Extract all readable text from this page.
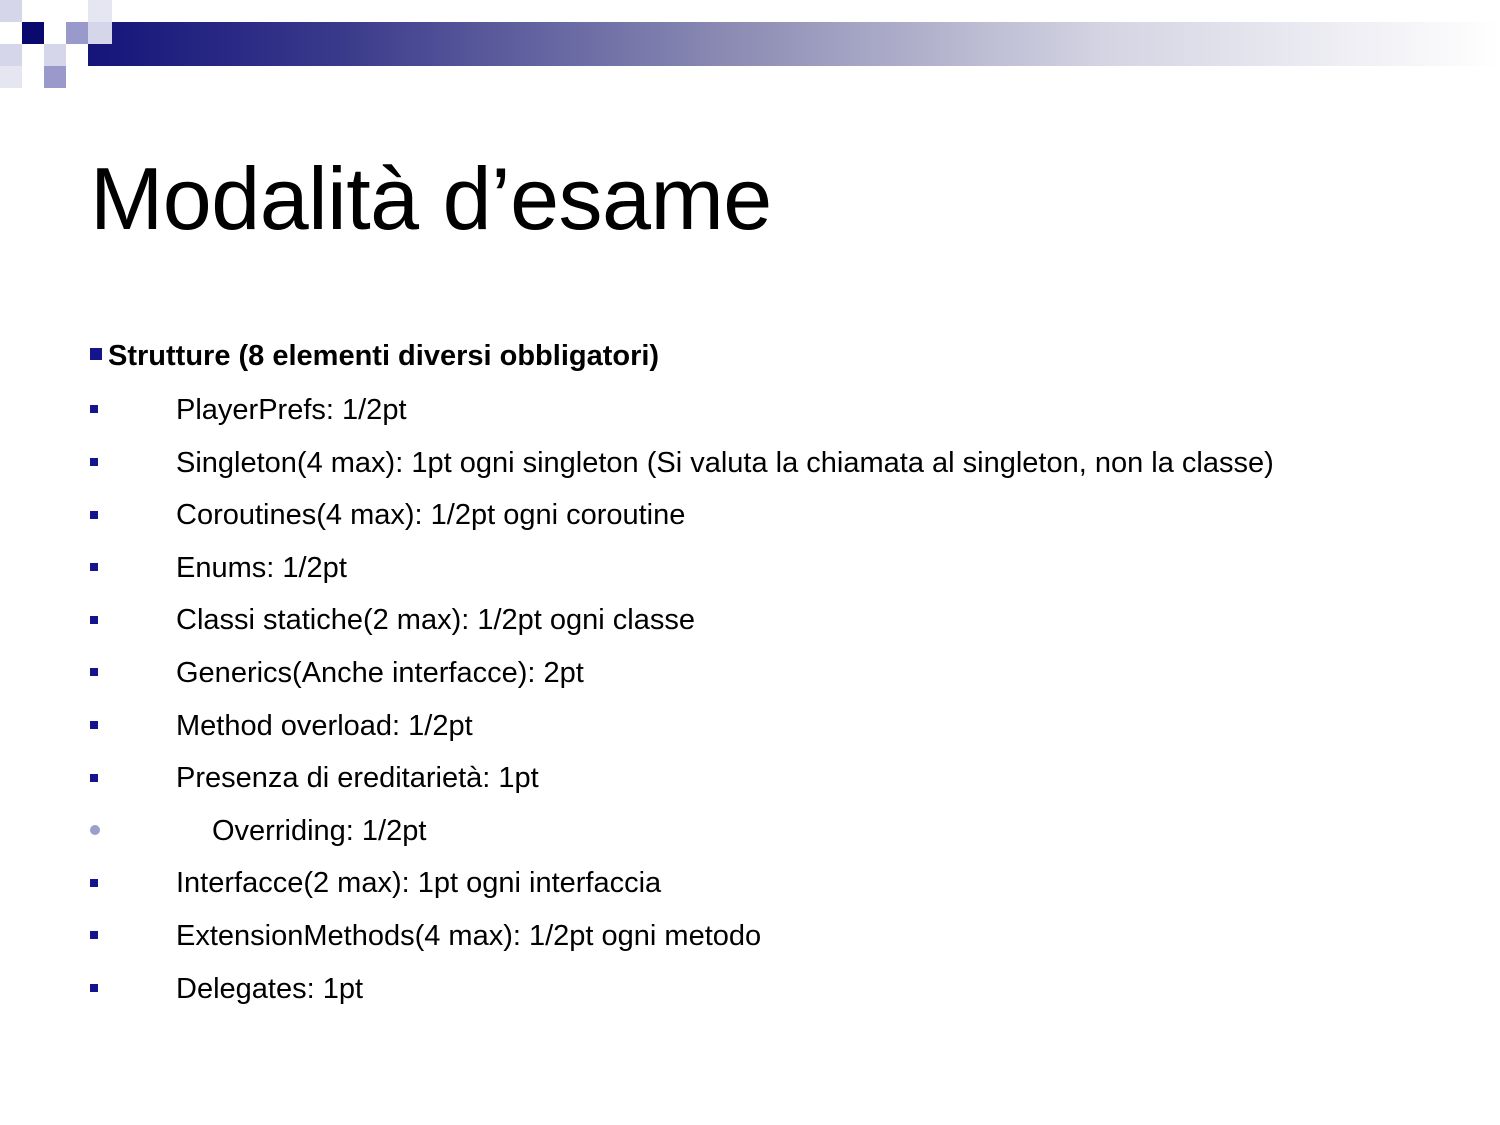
Modalità d’esame
Strutture (8 elementi diversi obbligatori)
PlayerPrefs: 1/2pt
Singleton(4 max): 1pt ogni singleton (Si valuta la chiamata al singleton, non la classe)
Coroutines(4 max): 1/2pt ogni coroutine
Enums: 1/2pt
Classi statiche(2 max): 1/2pt ogni classe
Generics(Anche interfacce): 2pt
Method overload: 1/2pt
Presenza di ereditarietà: 1pt
Overriding: 1/2pt
Interfacce(2 max): 1pt ogni interfaccia
ExtensionMethods(4 max): 1/2pt ogni metodo
Delegates: 1pt
